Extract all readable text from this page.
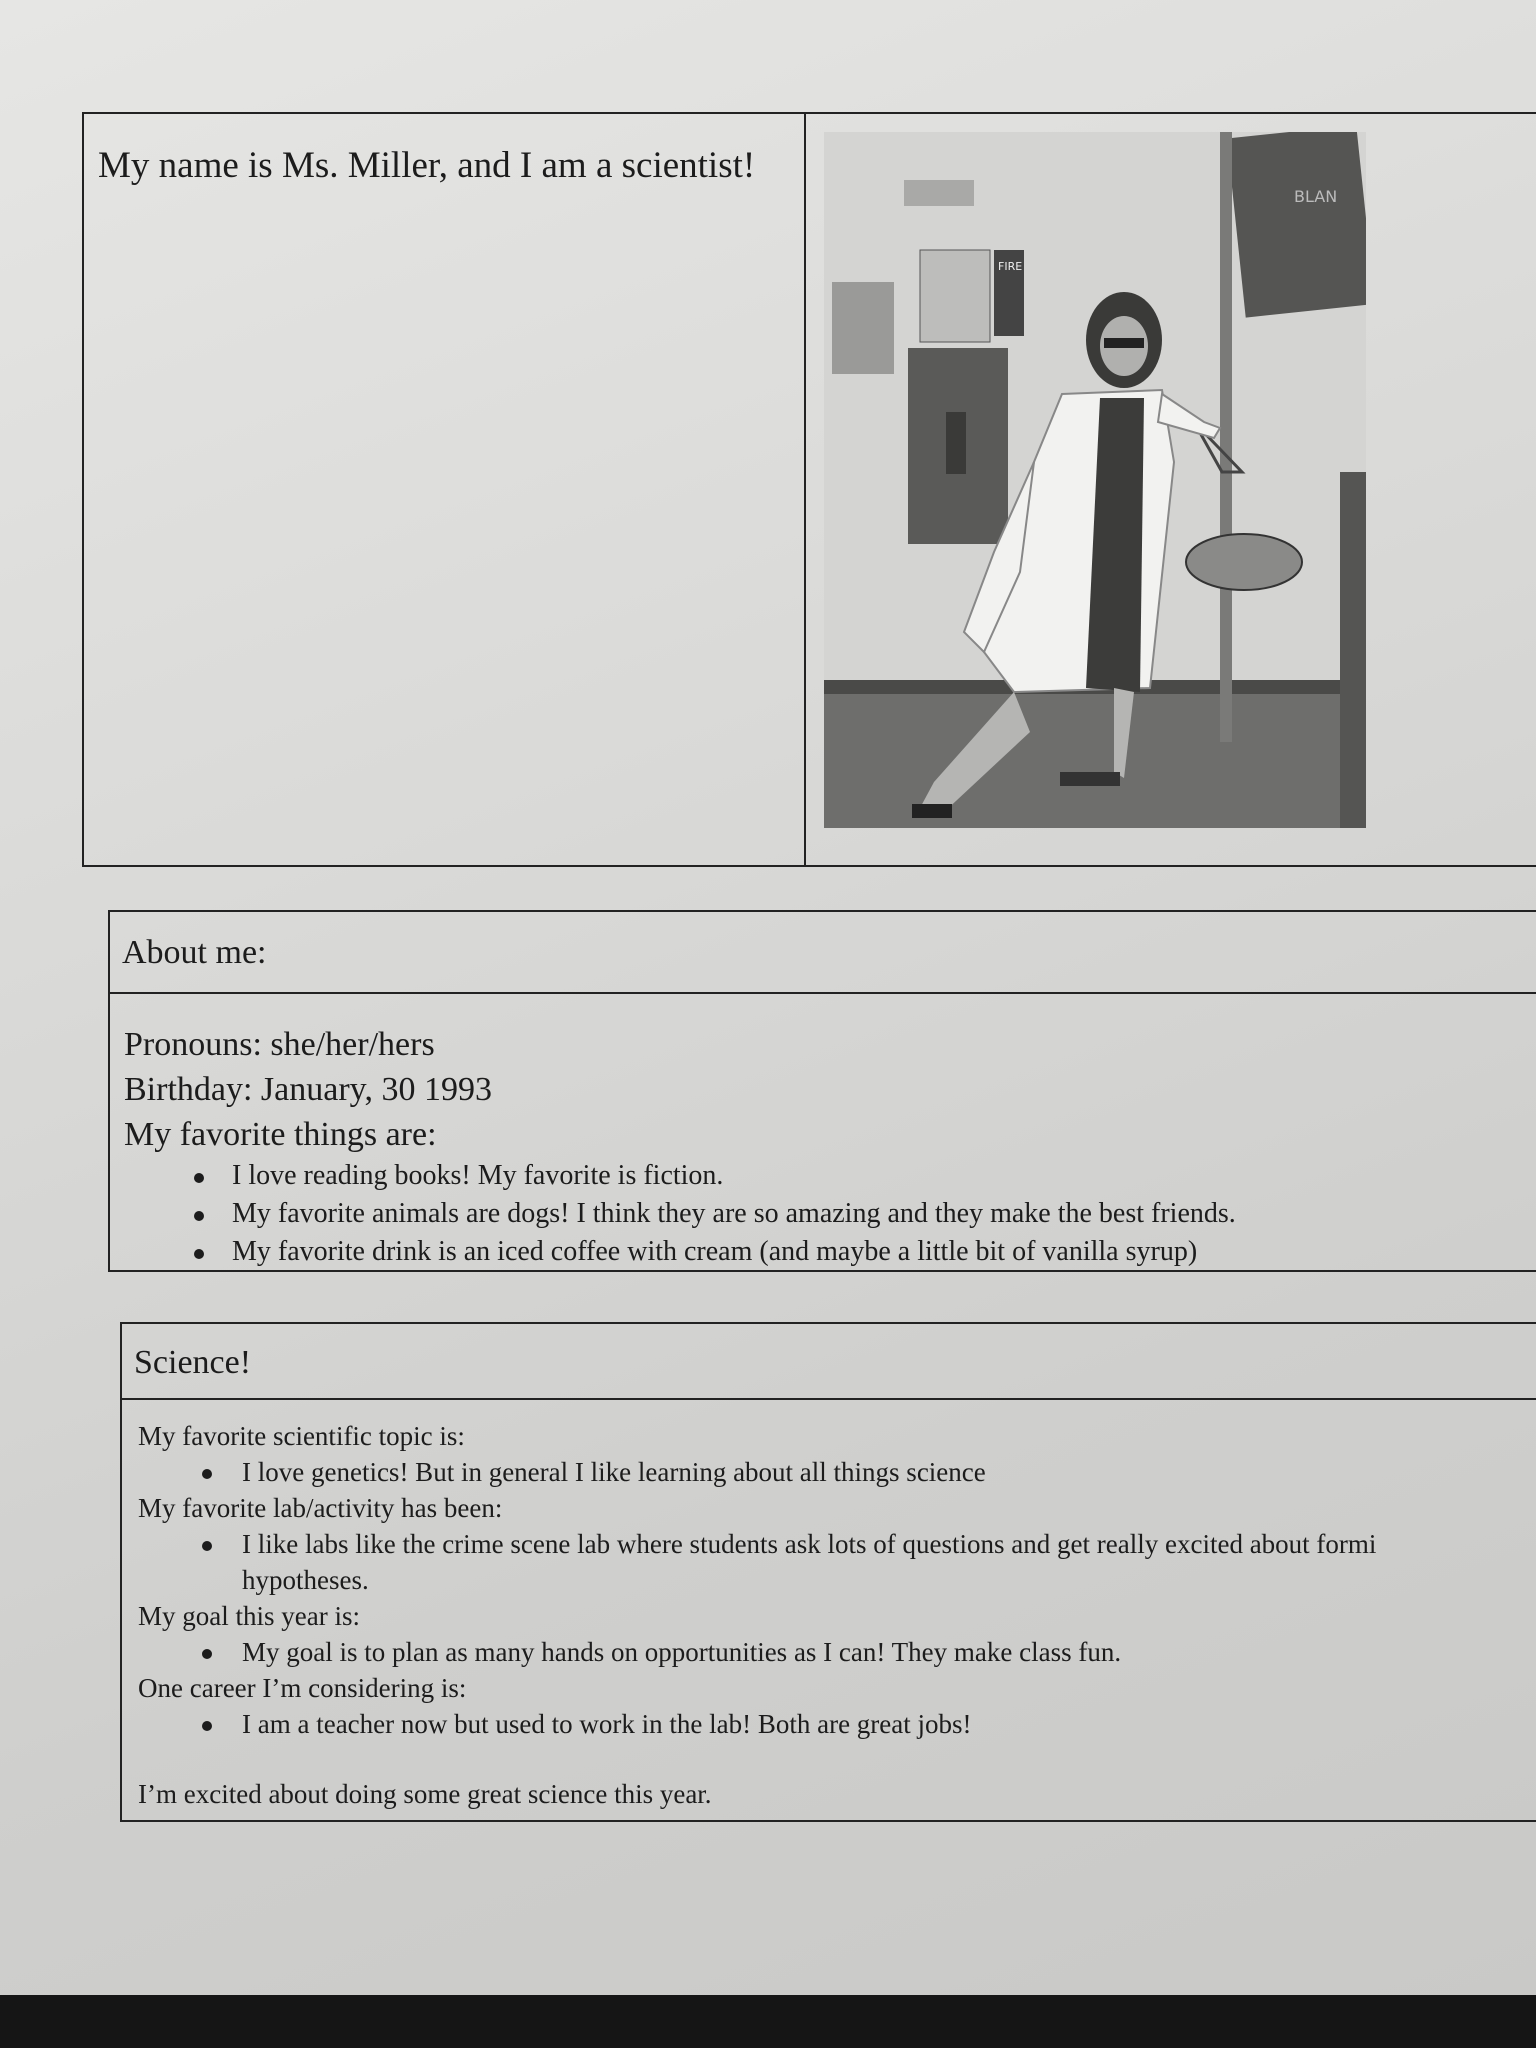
My name is Ms. Miller, and I am a scientist!
FIRE
BLAN
About me:
Pronouns: she/her/hers
Birthday: January, 30 1993
My favorite things are:
I love reading books! My favorite is fiction.
My favorite animals are dogs! I think they are so amazing and they make the best friends.
My favorite drink is an iced coffee with cream (and maybe a little bit of vanilla syrup)
Science!
My favorite scientific topic is:
I love genetics! But in general I like learning about all things science
My favorite lab/activity has been:
I like labs like the crime scene lab where students ask lots of questions and get really excited about formi
hypotheses.
My goal this year is:
My goal is to plan as many hands on opportunities as I can! They make class fun.
One career I’m considering is:
I am a teacher now but used to work in the lab! Both are great jobs!
I’m excited about doing some great science this year.
